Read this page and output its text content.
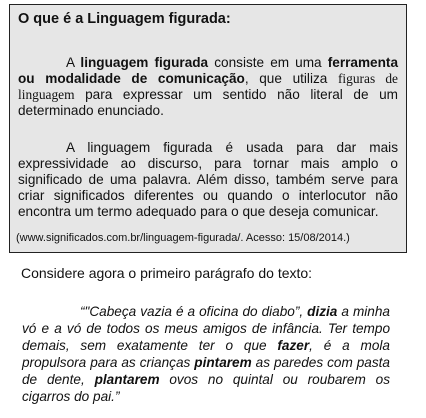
O que é a Linguagem figurada:
A linguagem figurada consiste em uma ferramenta ou modalidade de comunicação, que utiliza figuras de linguagem para expressar um sentido não literal de um determinado enunciado.
A linguagem figurada é usada para dar mais expressividade ao discurso, para tornar mais amplo o significado de uma palavra. Além disso, também serve para criar significados diferentes ou quando o interlocutor não encontra um termo adequado para o que deseja comunicar.
(www.significados.com.br/linguagem-figurada/. Acesso: 15/08/2014.)
Considere agora o primeiro parágrafo do texto:
“"Cabeça vazia é a oficina do diabo”, dizia a minha vó e a vó de todos os meus amigos de infância. Ter tempo demais, sem exatamente ter o que fazer, é a mola propulsora para as crianças pintarem as paredes com pasta de dente, plantarem ovos no quintal ou roubarem os cigarros do pai.”
